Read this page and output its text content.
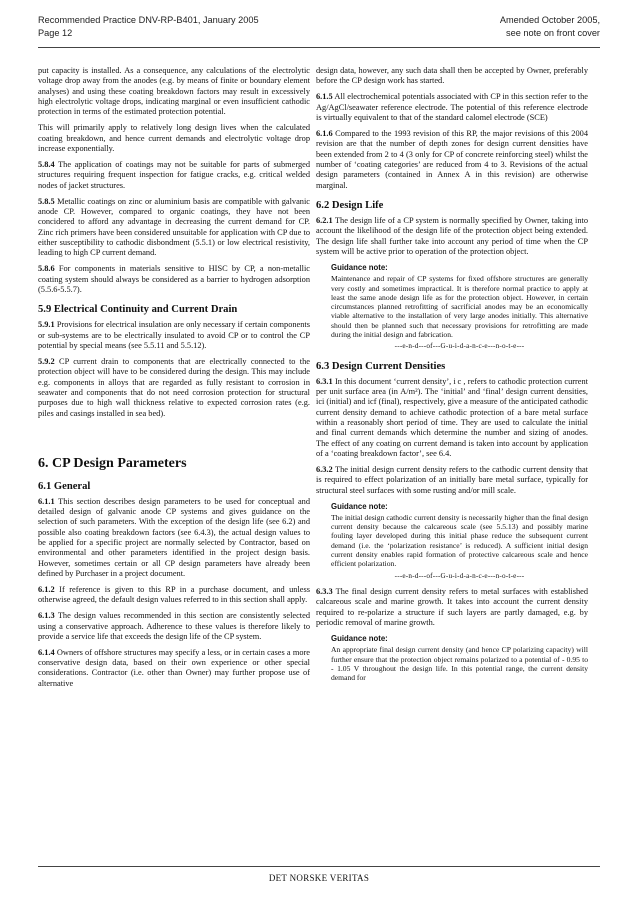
Recommended Practice DNV-RP-B401, January 2005
Page 12
Amended October 2005,
see note on front cover

put capacity is installed. As a consequence, any calculations of the electrolytic voltage drop away from the anodes (e.g. by means of finite or boundary element analyses) and using these coating breakdown factors may result in excessively high electrolytic voltage drops, indicating marginal or even insufficient cathodic protection in terms of the estimated protection potential.

This will primarily apply to relatively long design lives when the calculated coating breakdown, and hence current demands and electrolytic voltage drop increase exponentially.

5.8.4 The application of coatings may not be suitable for parts of submerged structures requiring frequent inspection for fatigue cracks, e.g. critical welded nodes of jacket structures.

5.8.5 Metallic coatings on zinc or aluminium basis are compatible with galvanic anode CP. However, compared to organic coatings, they have not been concidered to afford any advantage in decreasing the current demand for CP. Zinc rich primers have been considered unsuitable for application with CP due to either susceptibility to cathodic disbondment (5.5.1) or low electrical resistivity, leading to high CP current demand.

5.8.6 For components in materials sensitive to HISC by CP, a non-metallic coating system should always be considered as a barrier to hydrogen adsorption (5.5.6-5.5.7).

5.9 Electrical Continuity and Current Drain

5.9.1 Provisions for electrical insulation are only necessary if certain components or sub-systems are to be electrically insulated to avoid CP or to control the CP potential by special means (see 5.5.11 and 5.5.12).

5.9.2 CP current drain to components that are electrically connected to the protection object will have to be considered during the design. This may include e.g. components in alloys that are regarded as fully resistant to corrosion in seawater and components that do not need corrosion protection for structural purposes due to high wall thickness relative to expected corrosion rates (e.g. piles and casings installed in sea bed).

6. CP Design Parameters
6.1 General

6.1.1 This section describes design parameters to be used for conceptual and detailed design of galvanic anode CP systems and gives guidance on the selection of such parameters. With the exception of the design life (see 6.2) and possible also coating breakdown factors (see 6.4.3), the actual design values to be applied for a specific project are normally selected by Contractor, based on environmental and other parameters identified in the project design basis. However, sometimes certain or all CP design parameters have already been defined by Purchaser in a project document.

6.1.2 If reference is given to this RP in a purchase document, and unless otherwise agreed, the default design values referred to in this section shall apply.

6.1.3 The design values recommended in this section are consistently selected using a conservative approach. Adherence to these values is therefore likely to provide a service life that exceeds the design life of the CP system.

6.1.4 Owners of offshore structures may specify a less, or in certain cases a more conservative design data, based on their own experience or other special considerations. Contractor (i.e. other than Owner) may further propose use of alternative

design data, however, any such data shall then be accepted by Owner, preferably before the CP design work has started.

6.1.5 All electrochemical potentials associated with CP in this section refer to the Ag/AgCl/seawater reference electrode. The potential of this reference electrode is virtually equivalent to that of the standard calomel electrode (SCE)

6.1.6 Compared to the 1993 revision of this RP, the major revisions of this 2004 revision are that the number of depth zones for design current densities have been extended from 2 to 4 (3 only for CP of concrete reinforcing steel) whilst the number of ‘coating categories’ are reduced from 4 to 3. Revisions of the actual design parameters (contained in Annex A in this revision) are otherwise marginal.

6.2 Design Life

6.2.1 The design life of a CP system is normally specified by Owner, taking into account the likelihood of the design life of the protection object being extended. The design life shall further take into account any period of time when the CP system will be active prior to operation of the protection object.

Guidance note:

Maintenance and repair of CP systems for fixed offshore structures are generally very costly and sometimes impractical. It is therefore normal practice to apply at least the same anode design life as for the protection object. However, in certain circumstances planned retrofitting of sacrificial anodes may be an economically viable alternative to the installation of very large anodes initially. This alternative should then be planned such that necessary provisions for retrofitting are made during the initial design and fabrication.

---e-n-d---of---G-u-i-d-a-n-c-e---n-o-t-e---
6.3 Design Current Densities

6.3.1 In this document ‘current density’, i c , refers to cathodic protection current per unit surface area (in A/m²). The ‘initial’ and ‘final’ design current densities, ici (initial) and icf (final), respectively, give a measure of the anticipated cathodic current density demand to achieve cathodic protection of a bare metal surface within a reasonably short period of time. They are used to calculate the initial and final current demands which determine the number and sizing of anodes. The effect of any coating on current demand is taken into account by application of a ‘coating breakdown factor’, see 6.4.

6.3.2 The initial design current density refers to the cathodic current density that is required to effect polarization of an initially bare metal surface, typically for structural steel surfaces with some rusting and/or mill scale.

Guidance note:

The initial design cathodic current density is necessarily higher than the final design current density because the calcareous scale (see 5.5.13) and possibly marine fouling layer developed during this initial phase reduce the subsequent current demand (i.e. the ‘polarization resistance’ is reduced). A sufficient initial design current density enables rapid formation of protective calcareous scale and hence efficient polarization.

---e-n-d---of---G-u-i-d-a-n-c-e---n-o-t-e---

6.3.3 The final design current density refers to metal surfaces with established calcareous scale and marine growth. It takes into account the current density required to re-polarize a structure if such layers are partly damaged, e.g. by periodic removal of marine growth.

Guidance note:

An appropriate final design current density (and hence CP polarizing capacity) will further ensure that the protection object remains polarized to a potential of - 0.95 to - 1.05 V throughout the design life. In this potential range, the current density demand for

DET NORSKE VERITAS
